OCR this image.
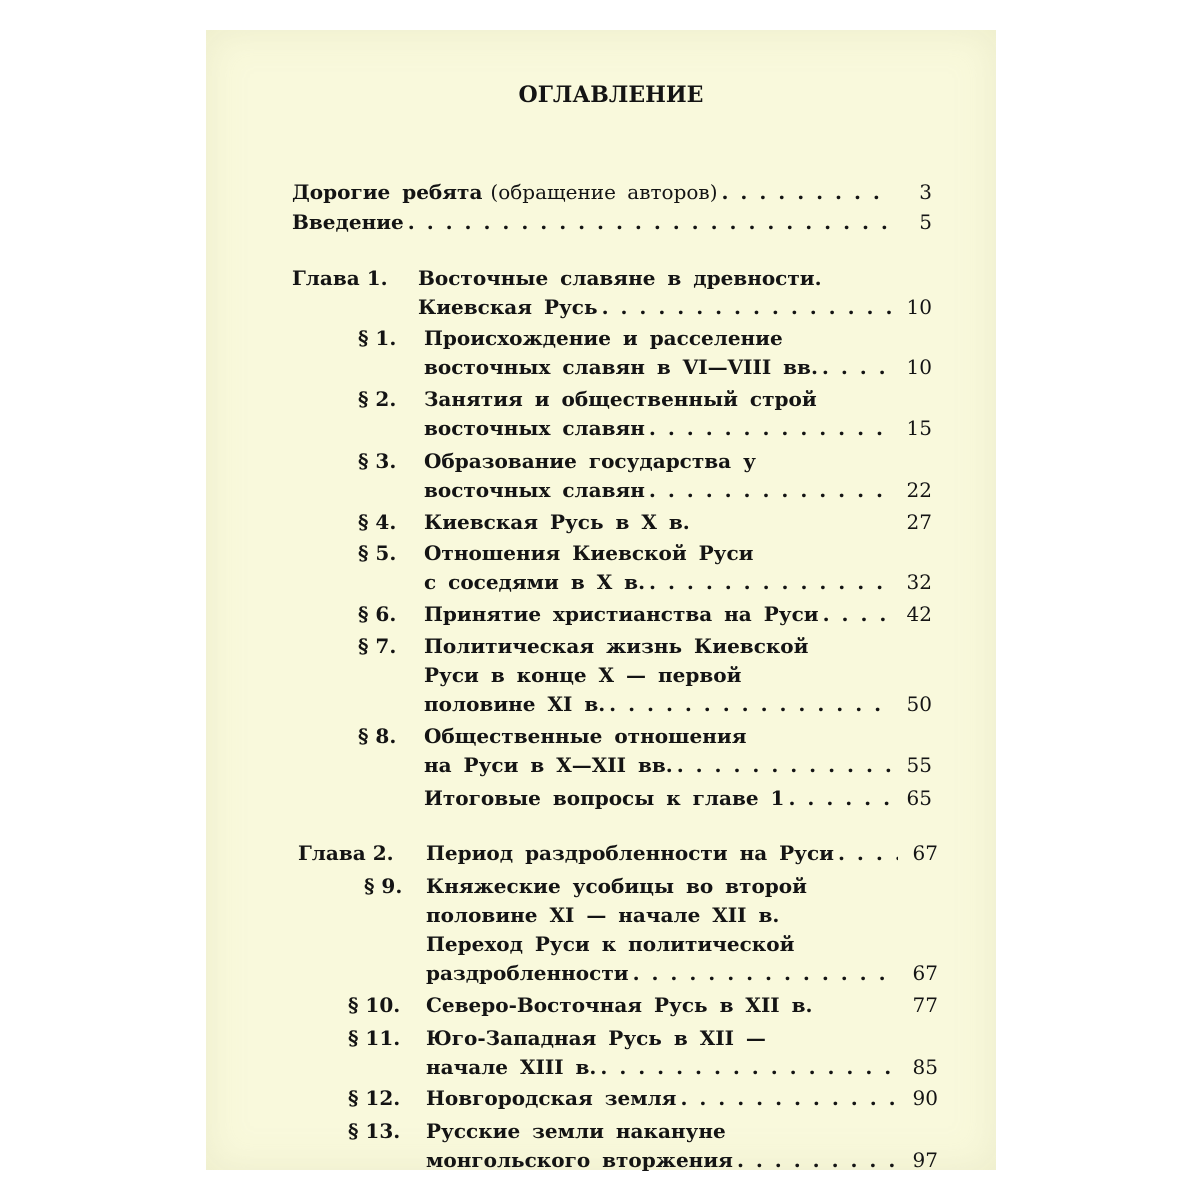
ОГЛАВЛЕНИЕ
Дорогие ребята (обращение авторов) . . .	3
Введение . . .	5
Глава 1. Восточные славяне в древности.
Киевская Русь . . .	10
§ 1. Происхождение и расселение
восточных славян в VI—VIII вв. . . .	10
§ 2. Занятия и общественный строй
восточных славян . . .	15
§ 3. Образование государства у
восточных славян . . .	22
§ 4. Киевская Русь в X в.	27
§ 5. Отношения Киевской Руси
с соседями в X в. . . .	32
§ 6. Принятие христианства на Руси . . .	42
§ 7. Политическая жизнь Киевской
Руси в конце X — первой
половине XI в. . . .	50
§ 8. Общественные отношения
на Руси в X—XII вв. . . .	55
Итоговые вопросы к главе 1 . . .	65
Глава 2. Период раздробленности на Руси . . .	67
§ 9. Княжеские усобицы во второй
половине XI — начале XII в.
Переход Руси к политической
раздробленности . . .	67
§ 10. Северо-Восточная Русь в XII в.	77
§ 11. Юго-Западная Русь в XII —
начале XIII в. . . .	85
§ 12. Новгородская земля . . .	90
§ 13. Русские земли накануне
монгольского вторжения . . .	97
